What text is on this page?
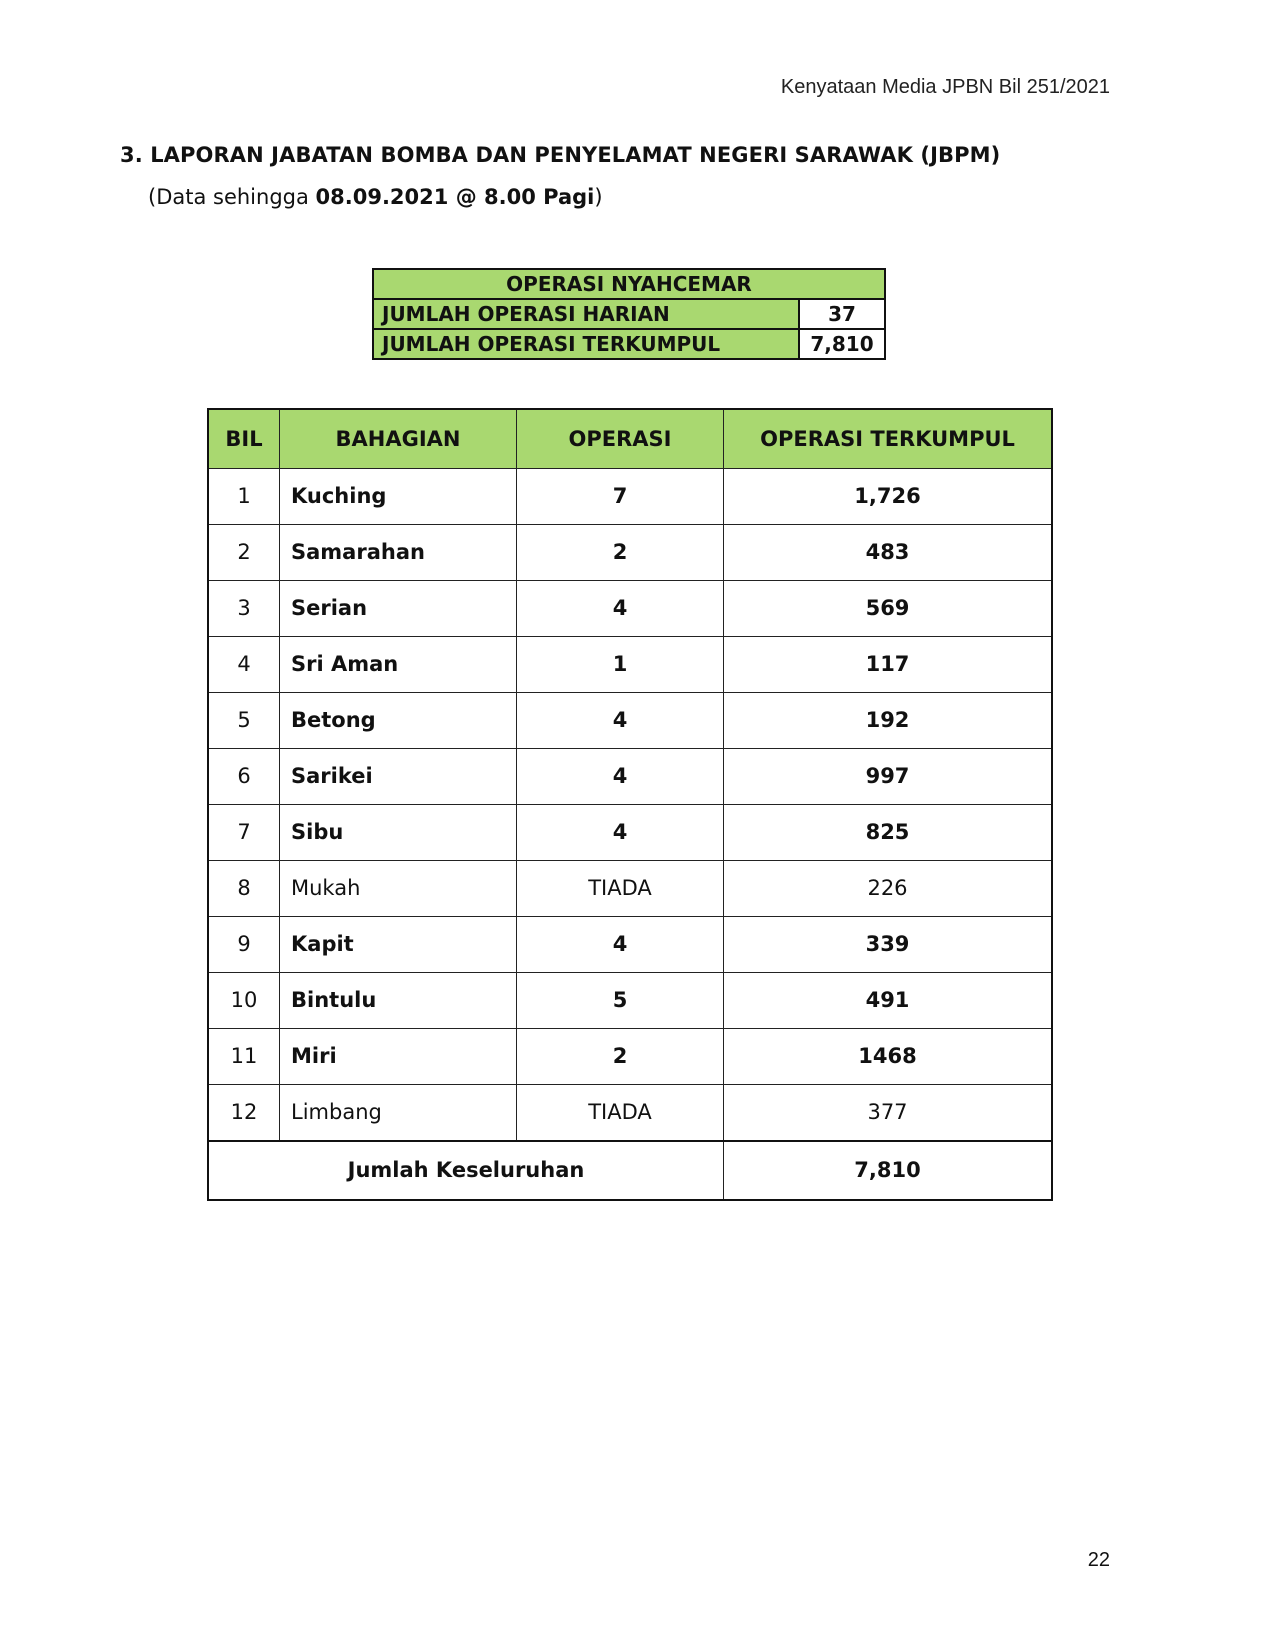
Kenyataan Media JPBN Bil 251/2021
3. LAPORAN JABATAN BOMBA DAN PENYELAMAT NEGERI SARAWAK (JBPM)
(Data sehingga 08.09.2021 @ 8.00 Pagi)
OPERASI NYAHCEMAR	
JUMLAH OPERASI HARIAN	37
JUMLAH OPERASI TERKUMPUL	7,810
BIL	BAHAGIAN	OPERASI	OPERASI TERKUMPUL
1	Kuching	7	1,726
2	Samarahan	2	483
3	Serian	4	569
4	Sri Aman	1	117
5	Betong	4	192
6	Sarikei	4	997
7	Sibu	4	825
8	Mukah	TIADA	226
9	Kapit	4	339
10	Bintulu	5	491
11	Miri	2	1468
12	Limbang	TIADA	377
Jumlah Keseluruhan			7,810
22
